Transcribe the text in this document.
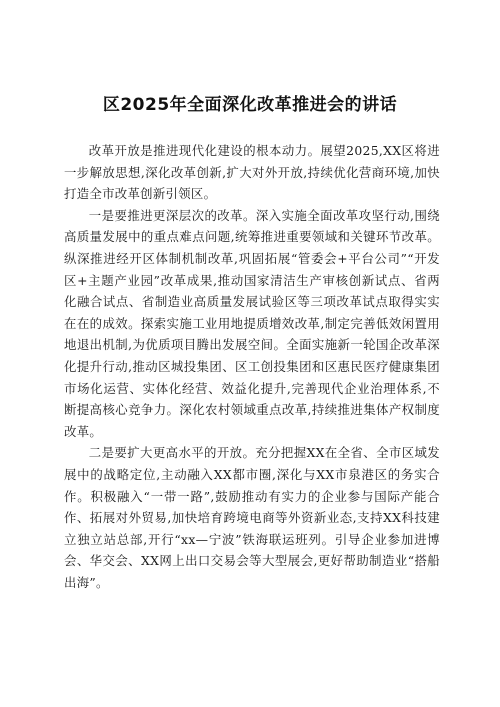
区2025年全面深化改革推进会的讲话

改革开放是推进现代化建设的根本动力。展望2025,XX区将进一步解放思想,深化改革创新,扩大对外开放,持续优化营商环境,加快打造全市改革创新引领区。

一是要推进更深层次的改革。深入实施全面改革攻坚行动,围绕高质量发展中的重点难点问题,统筹推进重要领域和关键环节改革。纵深推进经开区体制机制改革,巩固拓展“管委会+平台公司”“开发区+主题产业园”改革成果,推动国家清洁生产审核创新试点、省两化融合试点、省制造业高质量发展试验区等三项改革试点取得实实在在的成效。探索实施工业用地提质增效改革,制定完善低效闲置用地退出机制,为优质项目腾出发展空间。全面实施新一轮国企改革深化提升行动,推动区城投集团、区工创投集团和区惠民医疗健康集团市场化运营、实体化经营、效益化提升,完善现代企业治理体系,不断提高核心竞争力。深化农村领域重点改革,持续推进集体产权制度改革。

二是要扩大更高水平的开放。充分把握XX在全省、全市区域发展中的战略定位,主动融入XX都市圈,深化与XX市泉港区的务实合作。积极融入“一带一路”,鼓励推动有实力的企业参与国际产能合作、拓展对外贸易,加快培育跨境电商等外资新业态,支持XX科技建立独立站总部,开行“xx—宁波”铁海联运班列。引导企业参加进博会、华交会、XX网上出口交易会等大型展会,更好帮助制造业“搭船出海”。
